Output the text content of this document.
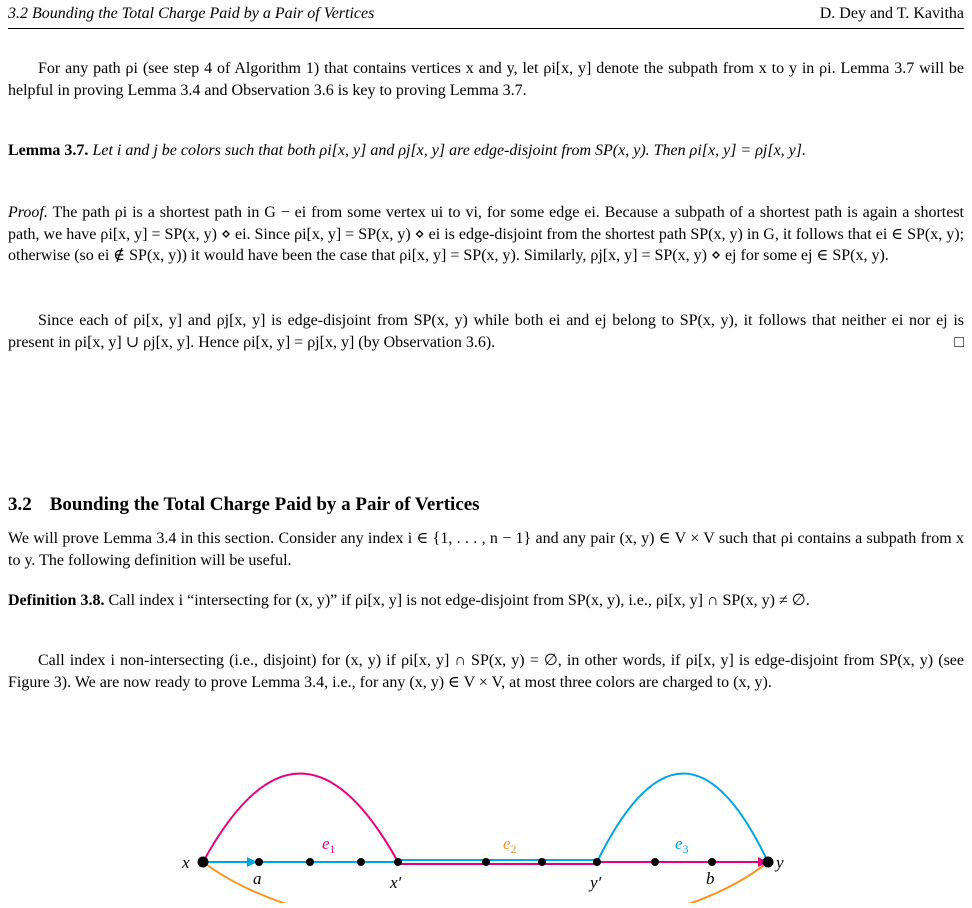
3.2 Bounding the Total Charge Paid by a Pair of Vertices	D. Dey and T. Kavitha
For any path ρi (see step 4 of Algorithm 1) that contains vertices x and y, let ρi[x, y] denote the subpath from x to y in ρi. Lemma 3.7 will be helpful in proving Lemma 3.4 and Observation 3.6 is key to proving Lemma 3.7.
Lemma 3.7. Let i and j be colors such that both ρi[x, y] and ρj[x, y] are edge-disjoint from SP(x, y). Then ρi[x, y] = ρj[x, y].
Proof. The path ρi is a shortest path in G − ei from some vertex ui to vi, for some edge ei. Because a subpath of a shortest path is again a shortest path, we have ρi[x, y] = SP(x, y) ⋄ ei. Since ρi[x, y] = SP(x, y) ⋄ ei is edge-disjoint from the shortest path SP(x, y) in G, it follows that ei ∈ SP(x, y); otherwise (so ei ∉ SP(x, y)) it would have been the case that ρi[x, y] = SP(x, y). Similarly, ρj[x, y] = SP(x, y) ⋄ ej for some ej ∈ SP(x, y).
Since each of ρi[x, y] and ρj[x, y] is edge-disjoint from SP(x, y) while both ei and ej belong to SP(x, y), it follows that neither ei nor ej is present in ρi[x, y] ∪ ρj[x, y]. Hence ρi[x, y] = ρj[x, y] (by Observation 3.6).	□
3.2 Bounding the Total Charge Paid by a Pair of Vertices
We will prove Lemma 3.4 in this section. Consider any index i ∈ {1, . . . , n − 1} and any pair (x, y) ∈ V × V such that ρi contains a subpath from x to y. The following definition will be useful.
Definition 3.8. Call index i “intersecting for (x, y)” if ρi[x, y] is not edge-disjoint from SP(x, y), i.e., ρi[x, y] ∩ SP(x, y) ≠ ∅.
Call index i non-intersecting (i.e., disjoint) for (x, y) if ρi[x, y] ∩ SP(x, y) = ∅, in other words, if ρi[x, y] is edge-disjoint from SP(x, y) (see Figure 3). We are now ready to prove Lemma 3.4, i.e., for any (x, y) ∈ V × V, at most three colors are charged to (x, y).
x	y
a	x′	y′	b
$e_1$	$e_2$	$e_3$
